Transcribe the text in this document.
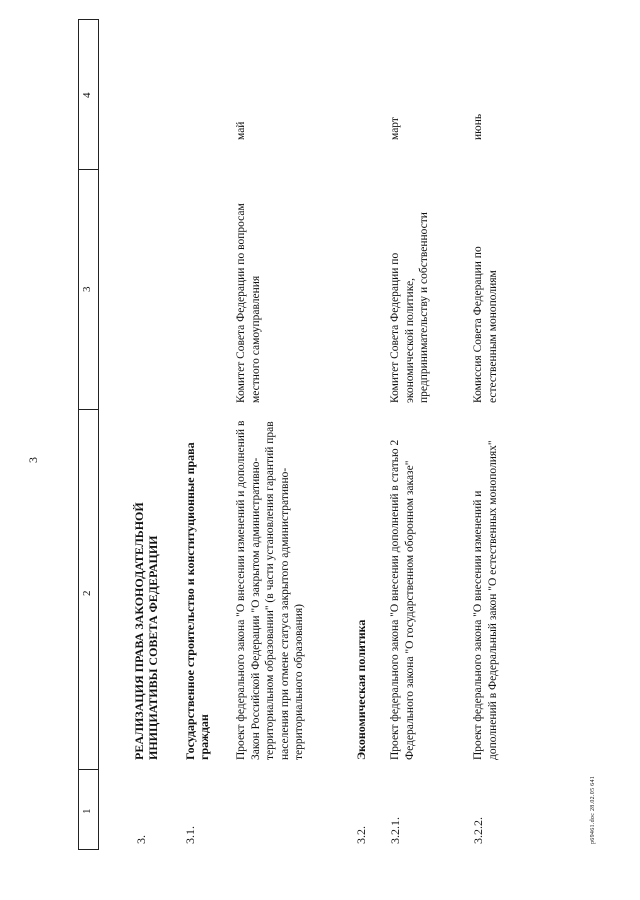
3
1
2
3
4
3.
РЕАЛИЗАЦИЯ ПРАВА ЗАКОНОДАТЕЛЬНОЙ ИНИЦИАТИВЫ СОВЕТА ФЕДЕРАЦИИ
3.1.
Государственное строительство и конституционные права граждан Проект федерального закона "О внесении изменений и дополнений в Закон Российской Федерации "О закрытом административно-территориальном образовании" (в части установления гарантий прав населения при отмене статуса закрытого административно-территориального образования)
Комитет Совета Федерации по вопросам местного самоуправления
май
3.2.
Экономическая политика
3.2.1.
Проект федерального закона "О внесении дополнений в статью 2 Федерального закона "О государственном оборонном заказе"
Комитет Совета Федерации по экономической политике, предпринимательству и собственности
март
3.2.2.
Проект федерального закона "О внесении изменений и дополнений в Федеральный закон "О естественных монополиях"
Комиссия Совета Федерации по естественным монополиям
июнь
p69461.doc 28.02.05 641
